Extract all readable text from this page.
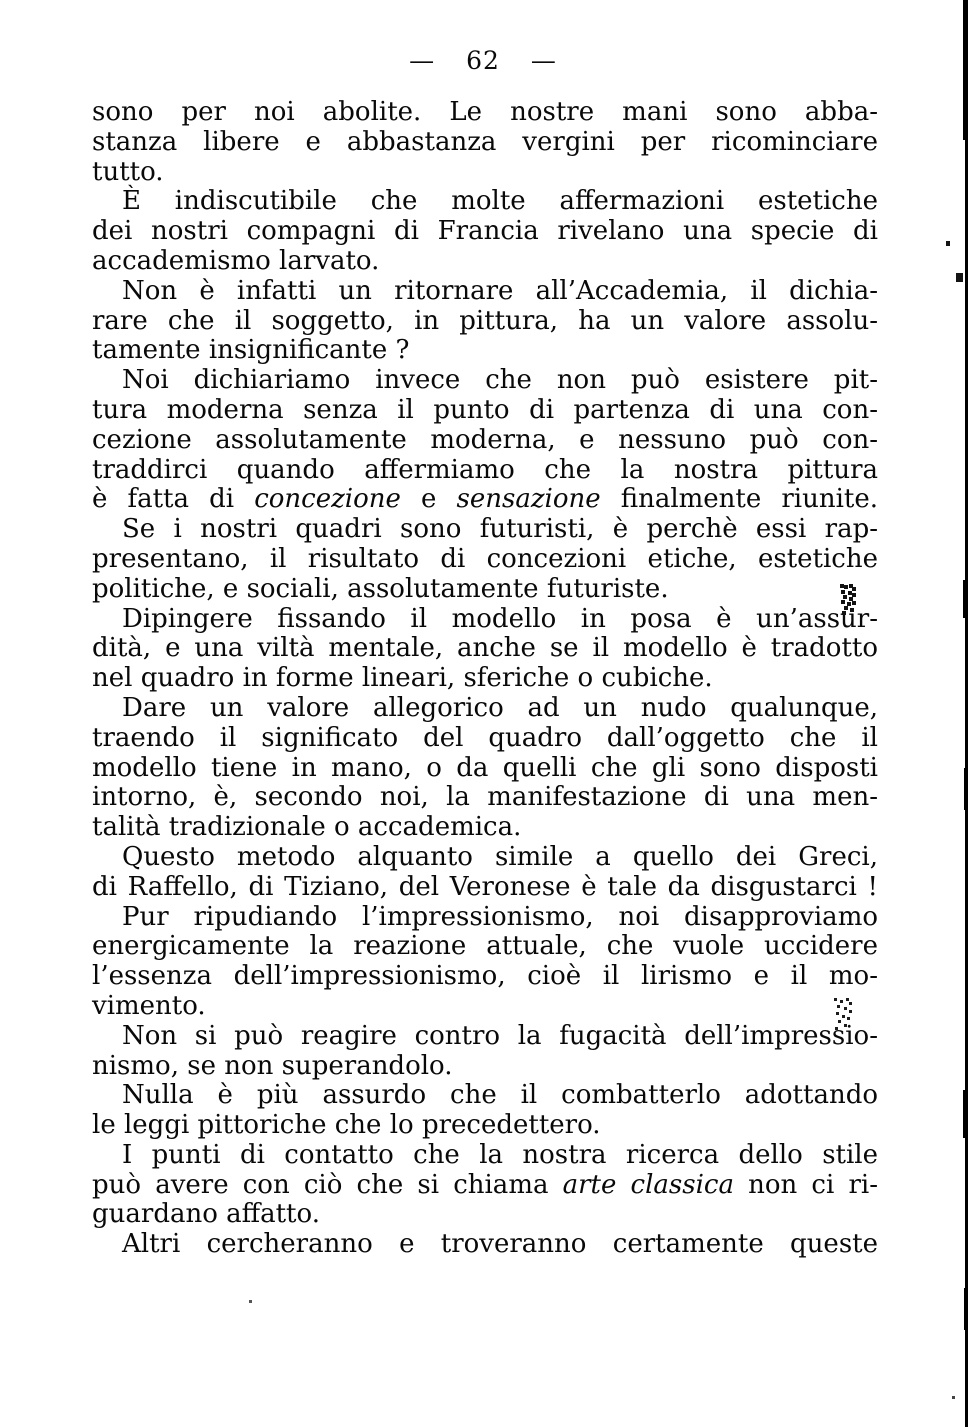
— 62 —

sono per noi abolite. Le nostre mani sono abba-
stanza libere e abbastanza vergini per ricominciare
tutto.

È indiscutibile che molte affermazioni estetiche
dei nostri compagni di Francia rivelano una specie di
accademismo larvato.

Non è infatti un ritornare all’Accademia, il dichia-
rare che il soggetto, in pittura, ha un valore assolu-
tamente insignificante ?

Noi dichiariamo invece che non può esistere pit-
tura moderna senza il punto di partenza di una con-
cezione assolutamente moderna, e nessuno può con-
traddirci quando affermiamo che la nostra pittura
è fatta di concezione e sensazione finalmente riunite.

Se i nostri quadri sono futuristi, è perchè essi rap-
presentano, il risultato di concezioni etiche, estetiche
politiche, e sociali, assolutamente futuriste.

Dipingere fissando il modello in posa è un’assur-
dità, e una viltà mentale, anche se il modello è tradotto
nel quadro in forme lineari, sferiche o cubiche.

Dare un valore allegorico ad un nudo qualunque,
traendo il significato del quadro dall’oggetto che il
modello tiene in mano, o da quelli che gli sono disposti
intorno, è, secondo noi, la manifestazione di una men-
talità tradizionale o accademica.

Questo metodo alquanto simile a quello dei Greci,
di Raffello, di Tiziano, del Veronese è tale da disgustarci !

Pur ripudiando l’impressionismo, noi disapproviamo
energicamente la reazione attuale, che vuole uccidere
l’essenza dell’impressionismo, cioè il lirismo e il mo-
vimento.

Non si può reagire contro la fugacità dell’impressio-
nismo, se non superandolo.

Nulla è più assurdo che il combatterlo adottando
le leggi pittoriche che lo precedettero.

I punti di contatto che la nostra ricerca dello stile
può avere con ciò che si chiama arte classica non ci ri-
guardano affatto.

Altri cercheranno e troveranno certamente queste
